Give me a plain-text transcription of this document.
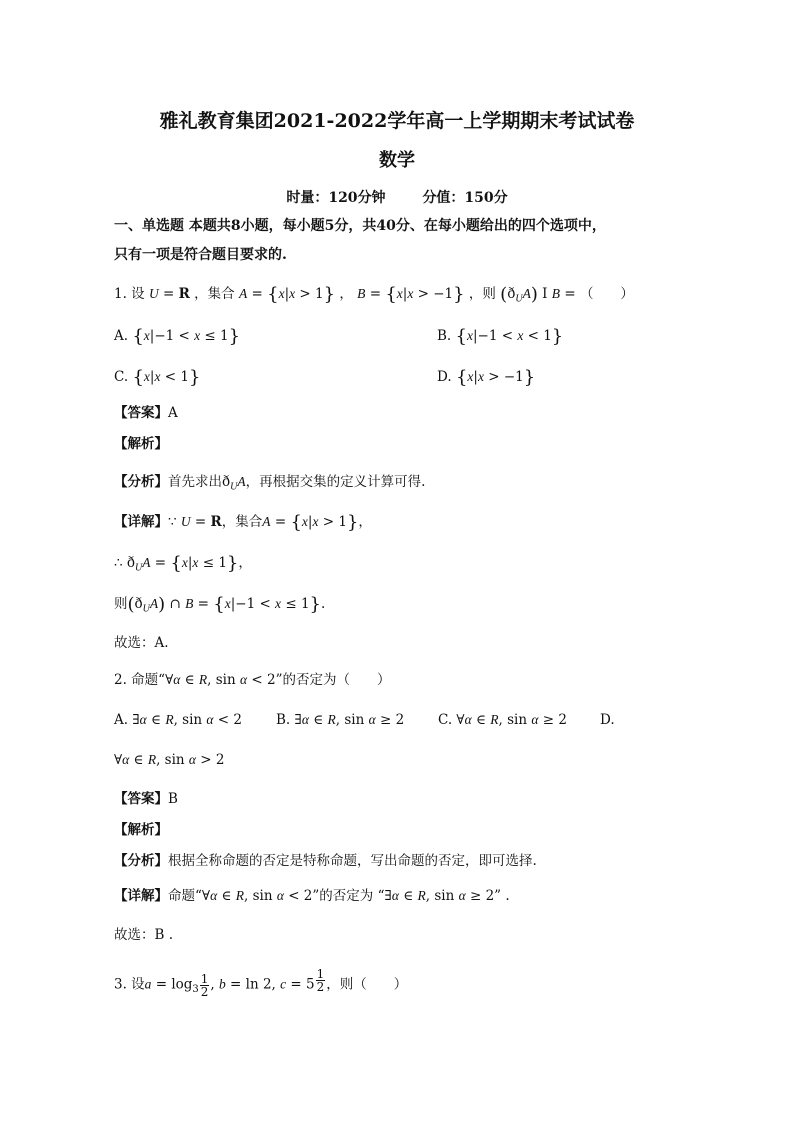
雅礼教育集团2021-2022学年高一上学期期末考试试卷
数学
时量：120分钟	分值：150分
一、单选题 本题共8小题，每小题5分，共40分、在每小题给出的四个选项中，
只有一项是符合题目要求的.
1. 设 U = R ，集合 A = {x|x > 1} ， B = {x|x > −1} ，则 $(ð_UA)$ I B = （　　）
A. {x|−1 < x ≤ 1}	B. {x|−1 < x < 1}
C. {x|x < 1}	D. {x|x > −1}
【答案】A
【解析】
【分析】首先求出$ð_UA$，再根据交集的定义计算可得.
【详解】∵ U = R，集合A = {x|x > 1}，
∴ $ð_UA = \{x|x \le 1\}$，
则$(ð_UA)$ ∩ B = {x|−1 < x ≤ 1}.
故选：A.
2. 命题“∀α ∈ R, sin α < 2”的否定为（　　）
A. ∃α ∈ R, sin α < 2	B. ∃α ∈ R, sin α ≥ 2	C. ∀α ∈ R, sin α ≥ 2 D.
∀α ∈ R, sin α > 2
【答案】B
【解析】
【分析】根据全称命题的否定是特称命题，写出命题的否定，即可选择.
【详解】命题“∀α ∈ R, sin α < 2”的否定为 “∃α ∈ R, sin α ≥ 2” .
故选：B .
3. 设$a = \log_3 \frac{1}{2}$ , b = ln 2, c = 5 $^{\frac{1}{2}}$ ，则（　　）
